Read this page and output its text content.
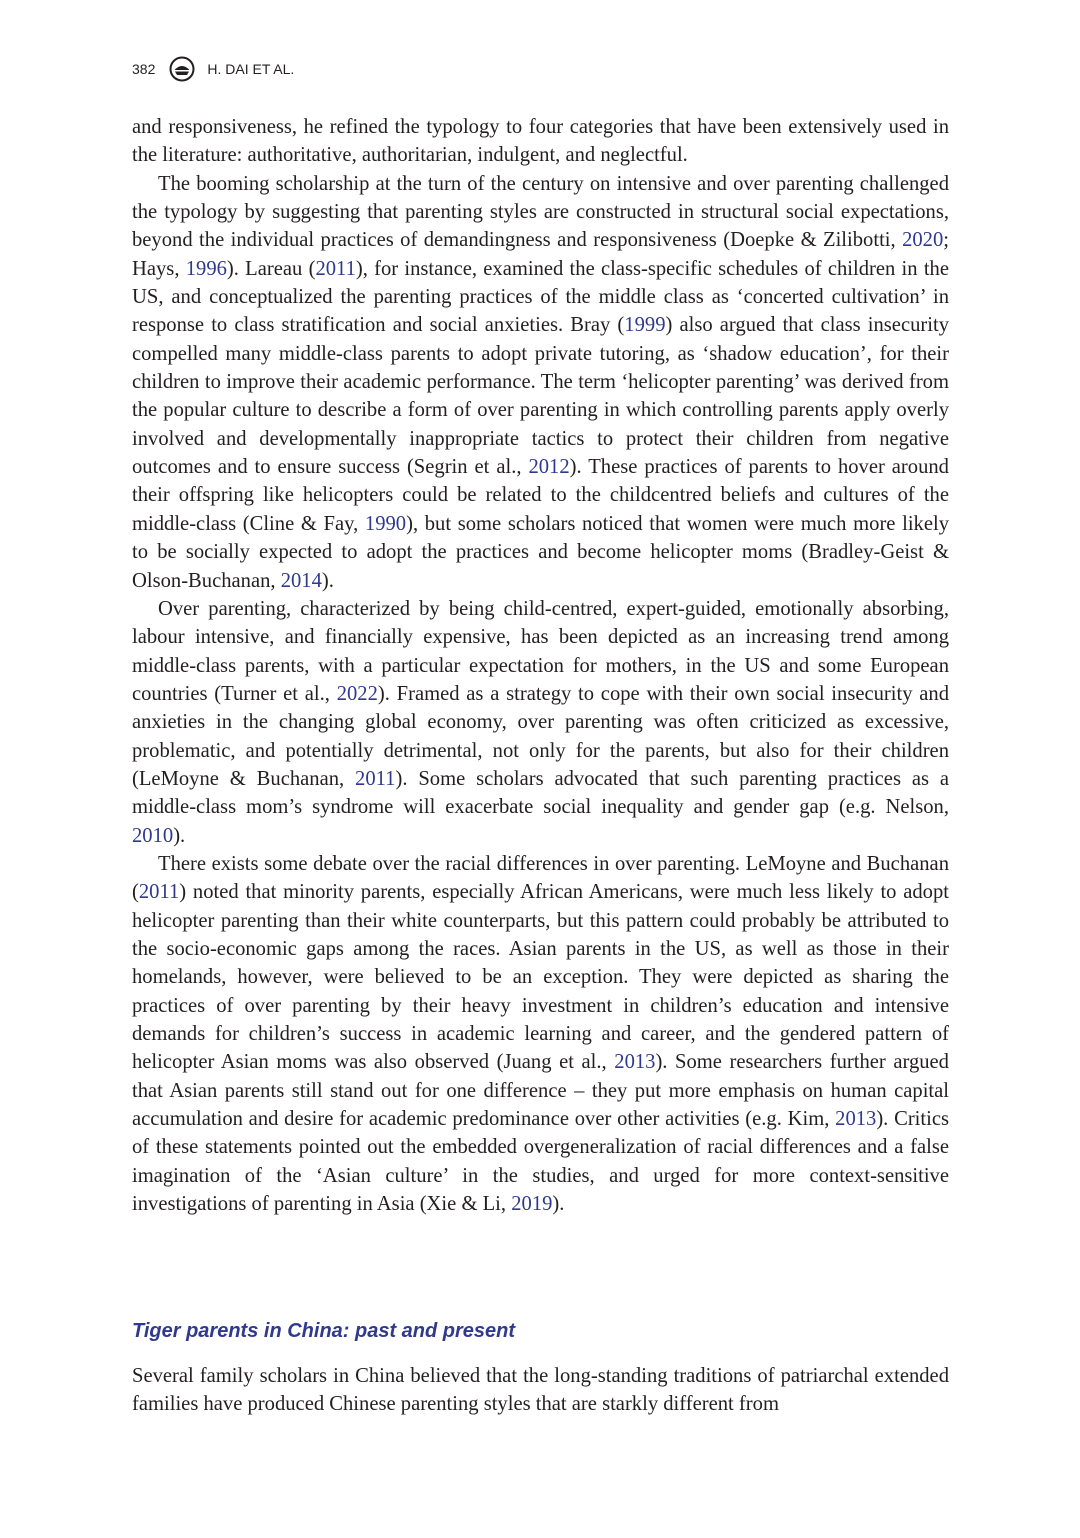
382	H. DAI ET AL.

and responsiveness, he refined the typology to four categories that have been extensively used in the literature: authoritative, authoritarian, indulgent, and neglectful.

The booming scholarship at the turn of the century on intensive and over parenting challenged the typology by suggesting that parenting styles are constructed in structural social expectations, beyond the individual practices of demandingness and responsiveness (Doepke & Zilibotti, 2020; Hays, 1996). Lareau (2011), for instance, examined the class-specific schedules of children in the US, and conceptualized the parenting practices of the middle class as ‘concerted cultivation’ in response to class stratification and social anxieties. Bray (1999) also argued that class insecurity compelled many middle-class parents to adopt private tutoring, as ‘shadow education’, for their children to improve their academic performance. The term ‘helicopter parenting’ was derived from the popular culture to describe a form of over parenting in which controlling parents apply overly involved and developmentally inappropriate tactics to protect their children from negative outcomes and to ensure success (Segrin et al., 2012). These practices of parents to hover around their offspring like helicopters could be related to the childcentred beliefs and cultures of the middle-class (Cline & Fay, 1990), but some scholars noticed that women were much more likely to be socially expected to adopt the practices and become helicopter moms (Bradley-Geist & Olson-Buchanan, 2014).

Over parenting, characterized by being child-centred, expert-guided, emotionally absorbing, labour intensive, and financially expensive, has been depicted as an increasing trend among middle-class parents, with a particular expectation for mothers, in the US and some European countries (Turner et al., 2022). Framed as a strategy to cope with their own social insecurity and anxieties in the changing global economy, over parenting was often criticized as excessive, problematic, and potentially detrimental, not only for the parents, but also for their children (LeMoyne & Buchanan, 2011). Some scholars advocated that such parenting practices as a middle-class mom’s syndrome will exacerbate social inequality and gender gap (e.g. Nelson, 2010).

There exists some debate over the racial differences in over parenting. LeMoyne and Buchanan (2011) noted that minority parents, especially African Americans, were much less likely to adopt helicopter parenting than their white counterparts, but this pattern could probably be attributed to the socio-economic gaps among the races. Asian parents in the US, as well as those in their homelands, however, were believed to be an exception. They were depicted as sharing the practices of over parenting by their heavy investment in children’s education and intensive demands for children’s success in academic learning and career, and the gendered pattern of helicopter Asian moms was also observed (Juang et al., 2013). Some researchers further argued that Asian parents still stand out for one difference – they put more emphasis on human capital accumulation and desire for academic predominance over other activities (e.g. Kim, 2013). Critics of these statements pointed out the embedded overgeneralization of racial differences and a false imagination of the ‘Asian culture’ in the studies, and urged for more context-sensitive investigations of parenting in Asia (Xie & Li, 2019).

Tiger parents in China: past and present

Several family scholars in China believed that the long-standing traditions of patriarchal extended families have produced Chinese parenting styles that are starkly different from
